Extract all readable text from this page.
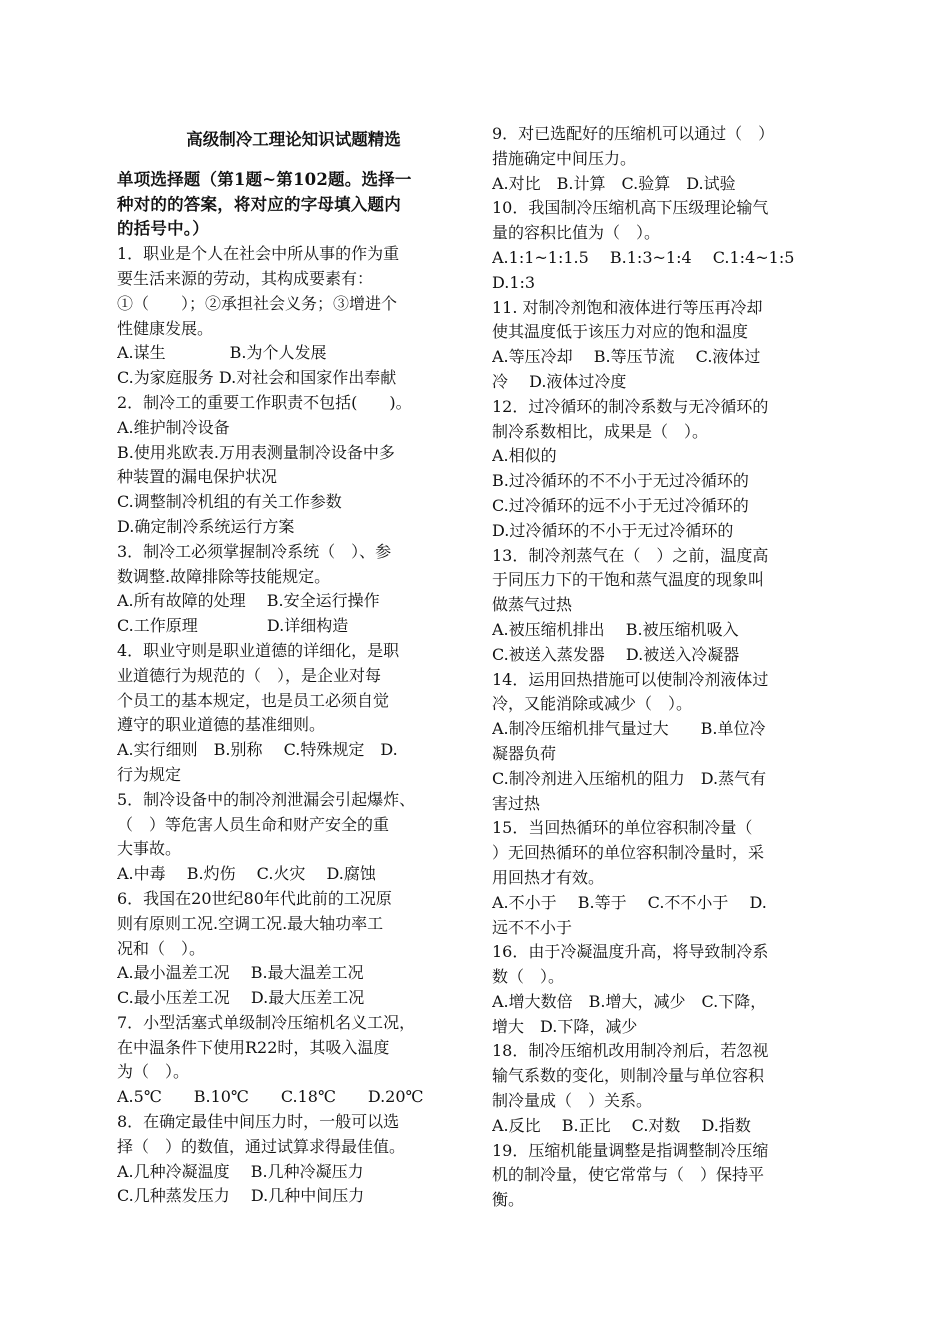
高级制冷工理论知识试题精选
单项选择题（第1题~第102题。选择一
种对的的答案，将对应的字母填入题内
的括号中。）
1．职业是个人在社会中所从事的作为重
要生活来源的劳动，其构成要素有：
①（　　）；②承担社会义务；③增进个
性健康发展。
A.谋生　　　　B.为个人发展
C.为家庭服务 D.对社会和国家作出奉献
2．制冷工的重要工作职责不包括(　　)。
A.维护制冷设备
B.使用兆欧表.万用表测量制冷设备中多
种装置的漏电保护状况
C.调整制冷机组的有关工作参数
D.确定制冷系统运行方案
3．制冷工必须掌握制冷系统（　）、参
数调整.故障排除等技能规定。
A.所有故障的处理　 B.安全运行操作
C.工作原理　　　　 D.详细构造
4．职业守则是职业道德的详细化，是职
业道德行为规范的（　），是企业对每
个员工的基本规定，也是员工必须自觉
遵守的职业道德的基准细则。
A.实行细则　B.别称　 C.特殊规定　D.
行为规定
5．制冷设备中的制冷剂泄漏会引起爆炸、
（　）等危害人员生命和财产安全的重
大事故。
A.中毒　 B.灼伤　 C.火灾　 D.腐蚀
6．我国在20世纪80年代此前的工况原
则有原则工况.空调工况.最大轴功率工
况和（　）。
A.最小温差工况　 B.最大温差工况
C.最小压差工况　 D.最大压差工况
7．小型活塞式单级制冷压缩机名义工况，
在中温条件下使用R22时，其吸入温度
为（　）。
A.5℃　　B.10℃　　C.18℃　　D.20℃
8．在确定最佳中间压力时，一般可以选
择（　）的数值，通过试算求得最佳值。
A.几种冷凝温度　 B.几种冷凝压力
C.几种蒸发压力　 D.几种中间压力
9．对已选配好的压缩机可以通过（　）
措施确定中间压力。
A.对比　B.计算　C.验算　D.试验
10．我国制冷压缩机高下压级理论输气
量的容积比值为（　）。
A.1:1~1:1.5　 B.1:3~1:4　 C.1:4~1:5
D.1:3
11. 对制冷剂饱和液体进行等压再冷却
使其温度低于该压力对应的饱和温度
A.等压冷却　 B.等压节流　 C.液体过
冷　 D.液体过冷度
12．过冷循环的制冷系数与无冷循环的
制冷系数相比，成果是（　）。
A.相似的
B.过冷循环的不不小于无过冷循环的
C.过冷循环的远不小于无过冷循环的
D.过冷循环的不小于无过冷循环的
13．制冷剂蒸气在（　）之前，温度高
于同压力下的干饱和蒸气温度的现象叫
做蒸气过热
A.被压缩机排出　 B.被压缩机吸入
C.被送入蒸发器　 D.被送入冷凝器
14．运用回热措施可以使制冷剂液体过
冷，又能消除或减少（　）。
A.制冷压缩机排气量过大　　B.单位冷
凝器负荷
C.制冷剂进入压缩机的阻力　D.蒸气有
害过热
15．当回热循环的单位容积制冷量（
）无回热循环的单位容积制冷量时，采
用回热才有效。
A.不小于　 B.等于　 C.不不小于　 D.
远不不小于
16．由于冷凝温度升高，将导致制冷系
数（　）。
A.增大数倍　B.增大，减少　C.下降，
增大　D.下降，减少
18．制冷压缩机改用制冷剂后，若忽视
输气系数的变化，则制冷量与单位容积
制冷量成（　）关系。
A.反比　 B.正比　 C.对数　 D.指数
19．压缩机能量调整是指调整制冷压缩
机的制冷量，使它常常与（　）保持平
衡。
